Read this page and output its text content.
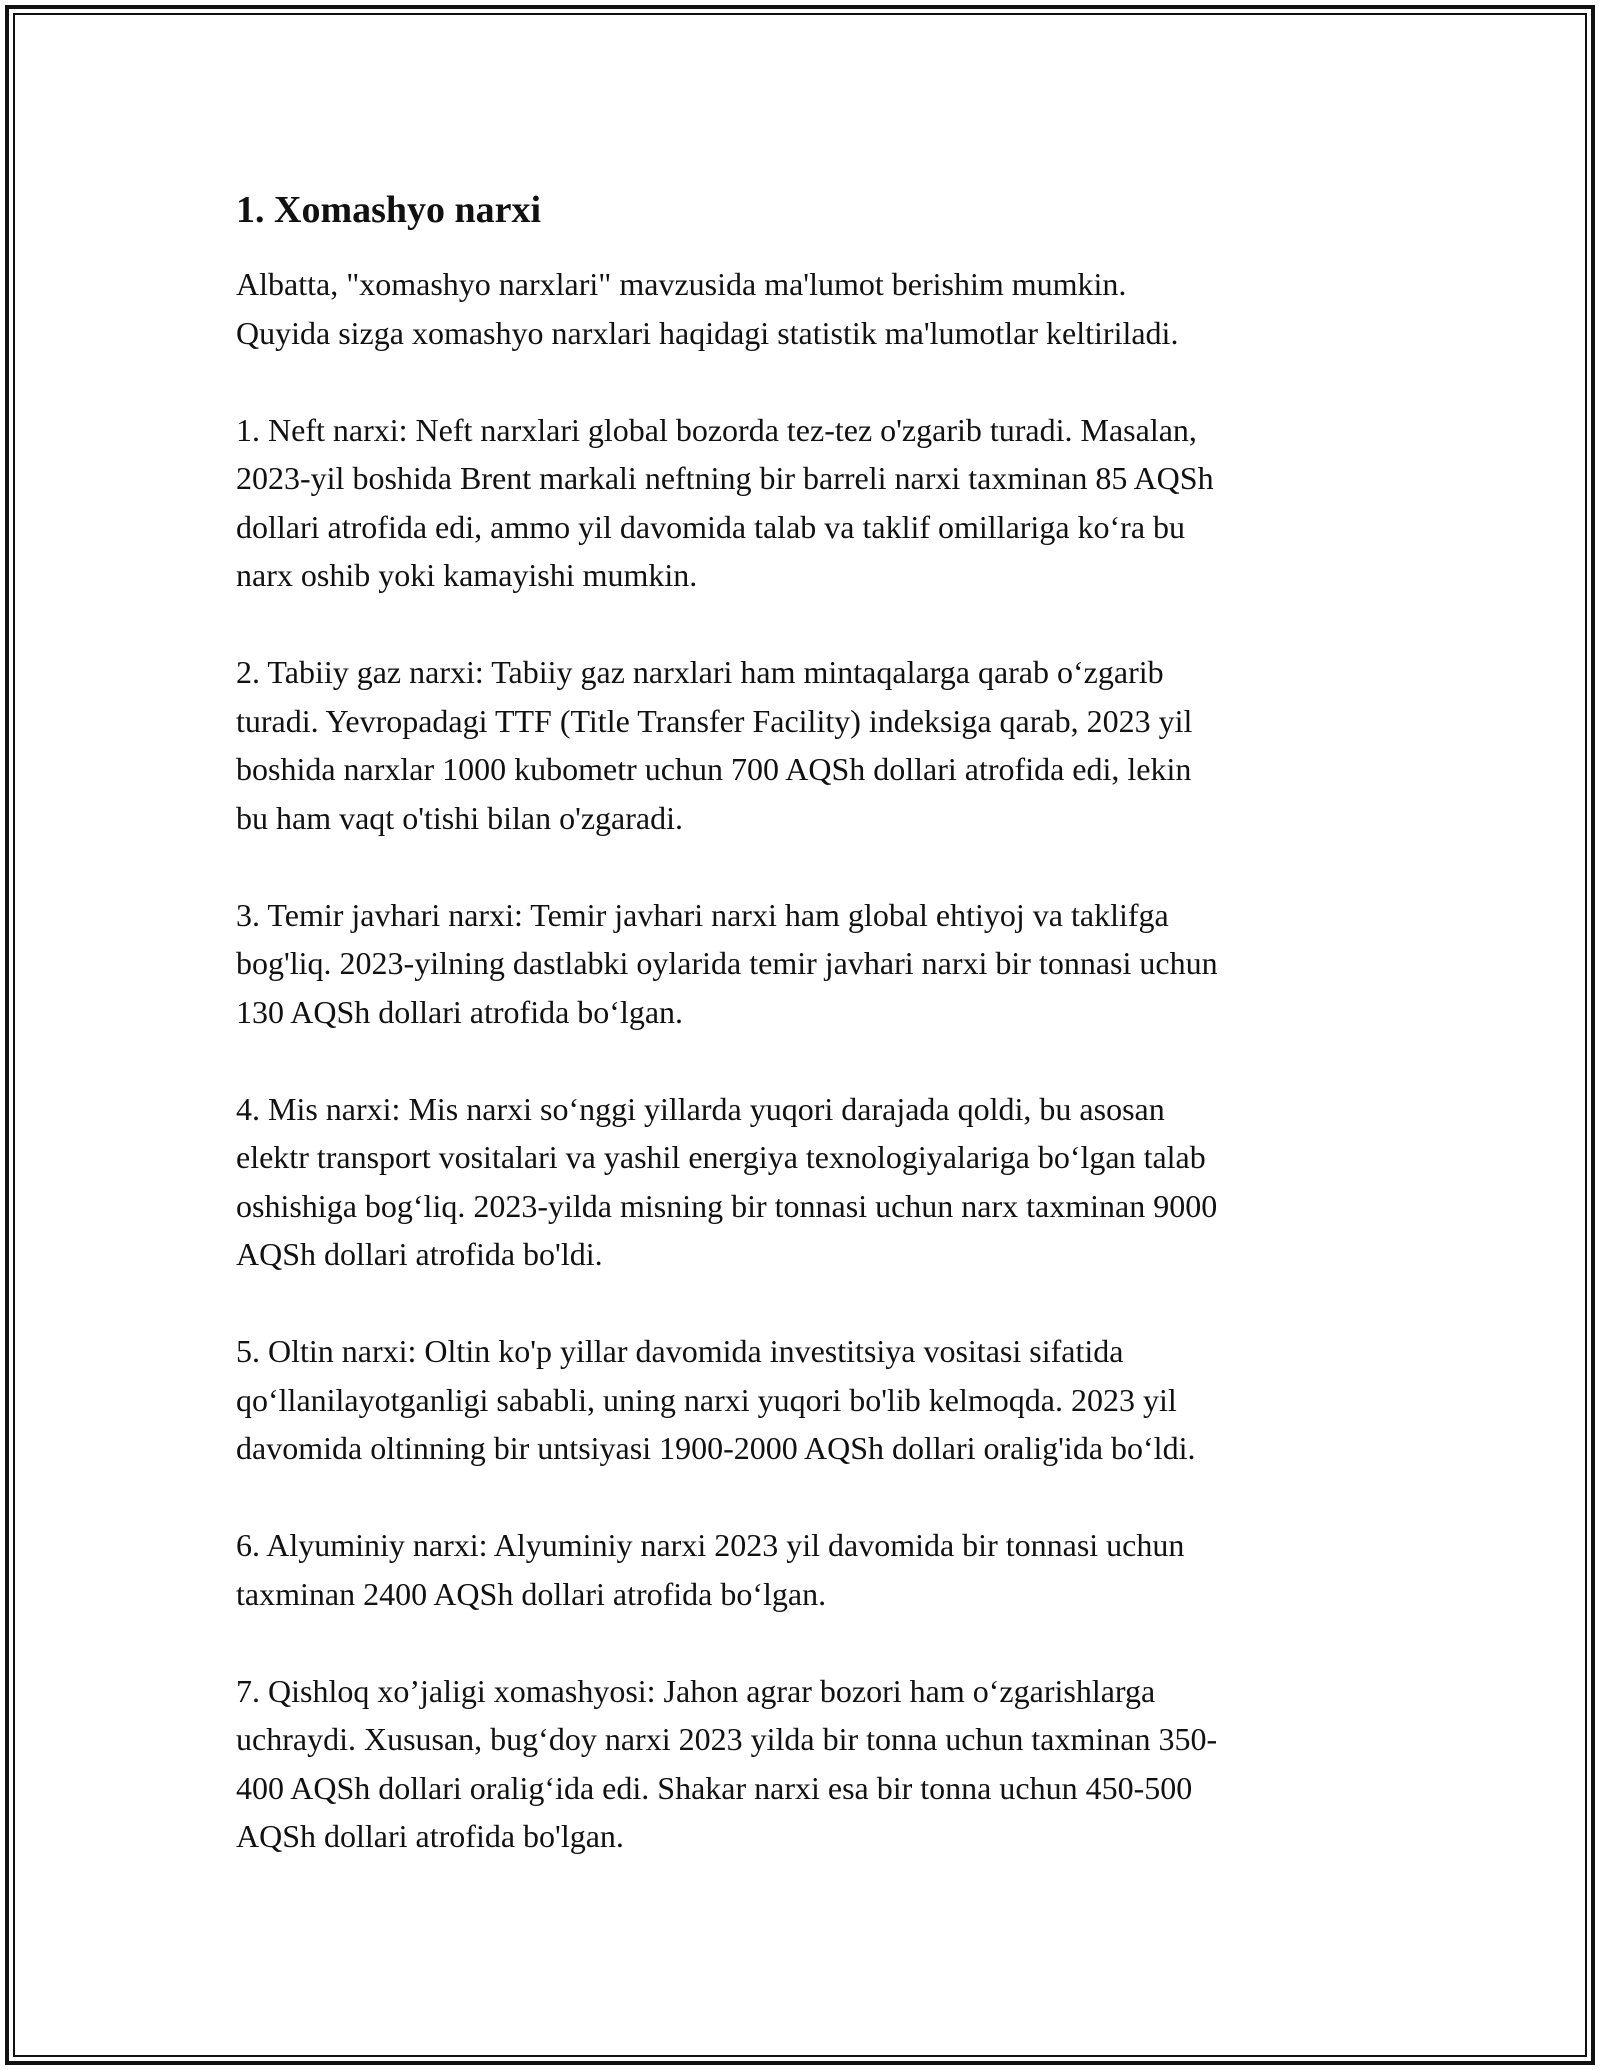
1. Xomashyo narxi

Albatta, "xomashyo narxlari" mavzusida ma'lumot berishim mumkin.
Quyida sizga xomashyo narxlari haqidagi statistik ma'lumotlar keltiriladi.

1. Neft narxi: Neft narxlari global bozorda tez-tez o'zgarib turadi. Masalan,
2023-yil boshida Brent markali neftning bir barreli narxi taxminan 85 AQSh
dollari atrofida edi, ammo yil davomida talab va taklif omillariga ko‘ra bu
narx oshib yoki kamayishi mumkin.

2. Tabiiy gaz narxi: Tabiiy gaz narxlari ham mintaqalarga qarab o‘zgarib
turadi. Yevropadagi TTF (Title Transfer Facility) indeksiga qarab, 2023 yil
boshida narxlar 1000 kubometr uchun 700 AQSh dollari atrofida edi, lekin
bu ham vaqt o'tishi bilan o'zgaradi.

3. Temir javhari narxi: Temir javhari narxi ham global ehtiyoj va taklifga
bog'liq. 2023-yilning dastlabki oylarida temir javhari narxi bir tonnasi uchun
130 AQSh dollari atrofida bo‘lgan.

4. Mis narxi: Mis narxi so‘nggi yillarda yuqori darajada qoldi, bu asosan
elektr transport vositalari va yashil energiya texnologiyalariga bo‘lgan talab
oshishiga bog‘liq. 2023-yilda misning bir tonnasi uchun narx taxminan 9000
AQSh dollari atrofida bo'ldi.

5. Oltin narxi: Oltin ko'p yillar davomida investitsiya vositasi sifatida
qo‘llanilayotganligi sababli, uning narxi yuqori bo'lib kelmoqda. 2023 yil
davomida oltinning bir untsiyasi 1900-2000 AQSh dollari oralig'ida bo‘ldi.

6. Alyuminiy narxi: Alyuminiy narxi 2023 yil davomida bir tonnasi uchun
taxminan 2400 AQSh dollari atrofida bo‘lgan.

7. Qishloq xo’jaligi xomashyosi: Jahon agrar bozori ham o‘zgarishlarga
uchraydi. Xususan, bug‘doy narxi 2023 yilda bir tonna uchun taxminan 350-
400 AQSh dollari oralig‘ida edi. Shakar narxi esa bir tonna uchun 450-500
AQSh dollari atrofida bo'lgan.
